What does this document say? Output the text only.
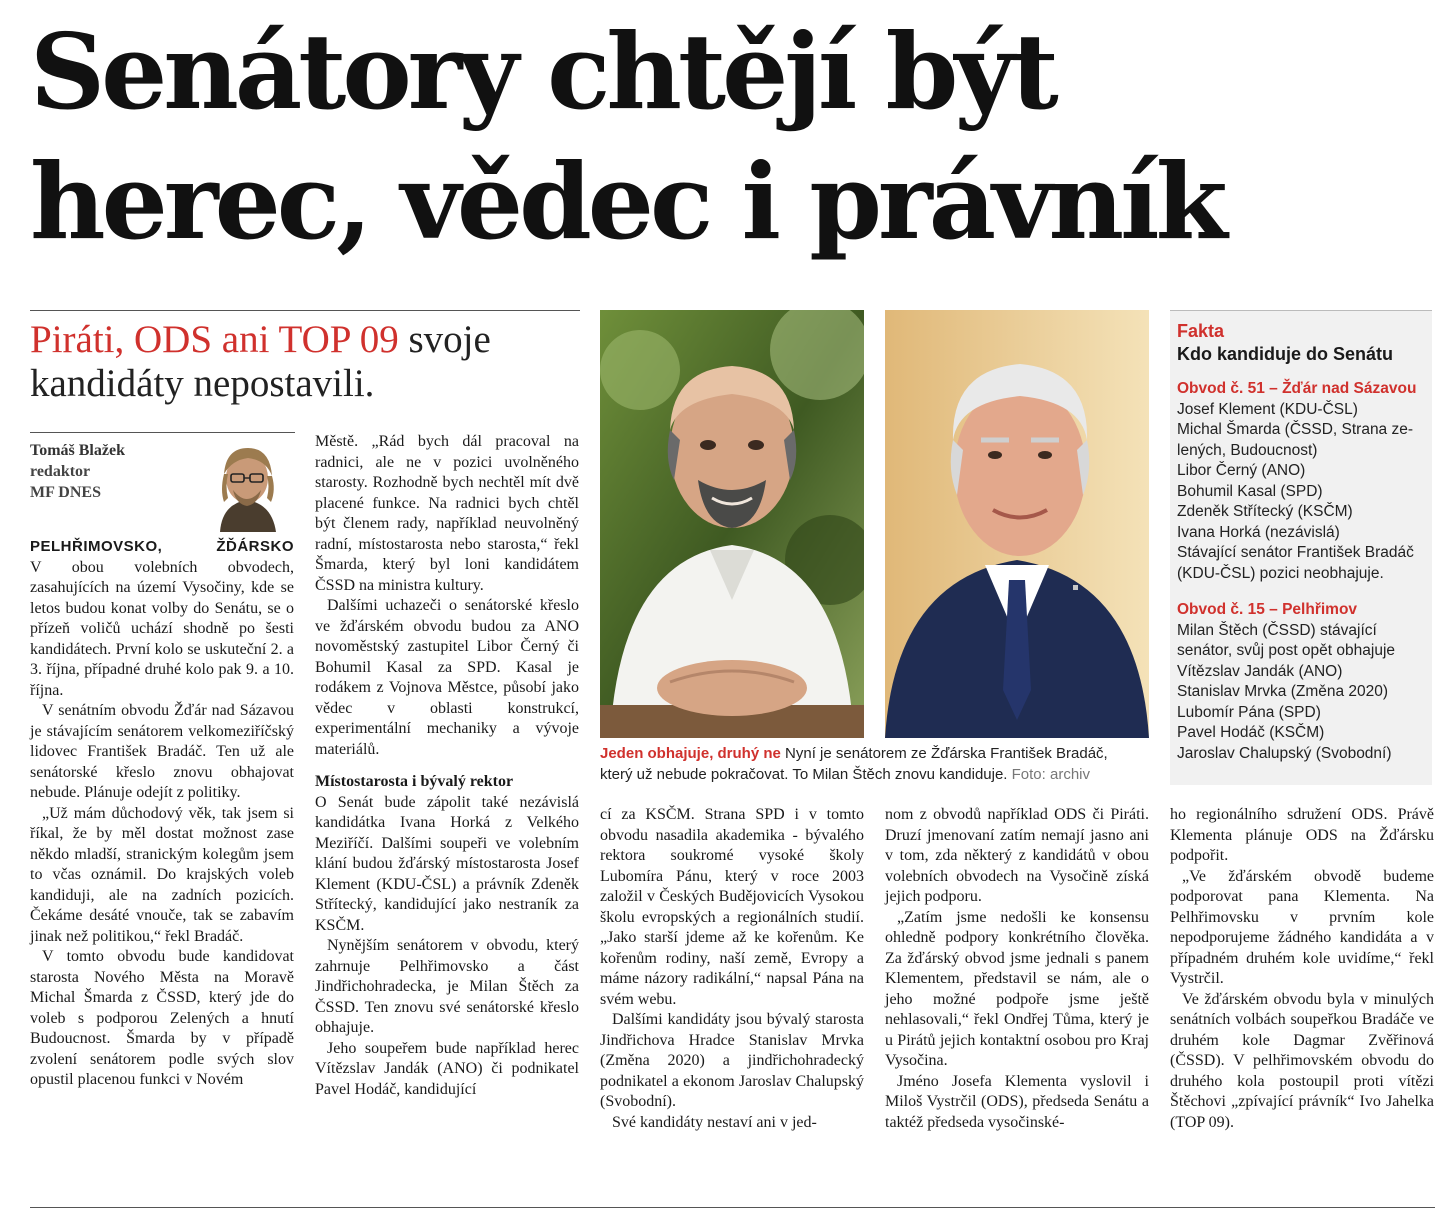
Senátory chtějí být
herec, vědec i právník
Piráti, ODS ani TOP 09 svoje
kandidáty nepostavili.
Tomáš Blažek
redaktor
MF DNES

PELHŘIMOVSKO, ŽĎÁRSKO

V obou volebních obvodech, zasahujících na území Vysočiny, kde se letos budou konat volby do Senátu, se o přízeň voličů uchází shodně po šesti kandidátech. První kolo se uskuteční 2. a 3. října, případné druhé kolo pak 9. a 10. října.

V senátním obvodu Žďár nad Sázavou je stávajícím senátorem velkomeziříčský lidovec František Bradáč. Ten už ale senátorské křeslo znovu obhajovat nebude. Plánuje odejít z politiky.

„Už mám důchodový věk, tak jsem si říkal, že by měl dostat možnost zase někdo mladší, stranickým kolegům jsem to včas oznámil. Do krajských voleb kandiduji, ale na zadních pozicích. Čekáme desáté vnouče, tak se zabavím jinak než politikou,“ řekl Bradáč.

V tomto obvodu bude kandidovat starosta Nového Města na Moravě Michal Šmarda z ČSSD, který jde do voleb s podporou Zelených a hnutí Budoucnost. Šmarda by v případě zvolení senátorem podle svých slov opustil placenou funkci v Novém

Městě. „Rád bych dál pracoval na radnici, ale ne v pozici uvolněného starosty. Rozhodně bych nechtěl mít dvě placené funkce. Na radnici bych chtěl být členem rady, například neuvolněný radní, místostarosta nebo starosta,“ řekl Šmarda, který byl loni kandidátem ČSSD na ministra kultury.

Dalšími uchazeči o senátorské křeslo ve žďárském obvodu budou za ANO novoměstský zastupitel Libor Černý či Bohumil Kasal za SPD. Kasal je rodákem z Vojnova Městce, působí jako vědec v oblasti konstrukcí, experimentální mechaniky a vývoje materiálů.

Místostarosta i bývalý rektor

O Senát bude zápolit také nezávislá kandidátka Ivana Horká z Velkého Meziříčí. Dalšími soupeři ve volebním klání budou žďárský místostarosta Josef Klement (KDU-ČSL) a právník Zdeněk Střítecký, kandidující jako nestraník za KSČM.

Nynějším senátorem v obvodu, který zahrnuje Pelhřimovsko a část Jindřichohradecka, je Milan Štěch za ČSSD. Ten znovu své senátorské křeslo obhajuje.

Jeho soupeřem bude například herec Vítězslav Jandák (ANO) či podnikatel Pavel Hodáč, kandidující

Jeden obhajuje, druhý ne Nyní je senátorem ze Žďárska František Bradáč,
který už nebude pokračovat. To Milan Štěch znovu kandiduje. Foto: archiv

cí za KSČM. Strana SPD i v tomto obvodu nasadila akademika - bývalého rektora soukromé vysoké školy Lubomíra Pánu, který v roce 2003 založil v Českých Budějovicích Vysokou školu evropských a regionálních studií. „Jako starší jdeme až ke kořenům. Ke kořenům rodiny, naší země, Evropy a máme názory radikální,“ napsal Pána na svém webu.

Dalšími kandidáty jsou bývalý starosta Jindřichova Hradce Stanislav Mrvka (Změna 2020) a jindřichohradecký podnikatel a ekonom Jaroslav Chalupský (Svobodní).

Své kandidáty nestaví ani v jed-

nom z obvodů například ODS či Piráti. Druzí jmenovaní zatím nemají jasno ani v tom, zda některý z kandidátů v obou volebních obvodech na Vysočině získá jejich podporu.

„Zatím jsme nedošli ke konsensu ohledně podpory konkrétního člověka. Za žďárský obvod jsme jednali s panem Klementem, představil se nám, ale o jeho možné podpoře jsme ještě nehlasovali,“ řekl Ondřej Tůma, který je u Pirátů jejich kontaktní osobou pro Kraj Vysočina.

Jméno Josefa Klementa vyslovil i Miloš Vystrčil (ODS), předseda Senátu a taktéž předseda vysočinské-

ho regionálního sdružení ODS. Právě Klementa plánuje ODS na Žďársku podpořit.

„Ve žďárském obvodě budeme podporovat pana Klementa. Na Pelhřimovsku v prvním kole nepodporujeme žádného kandidáta a v případném druhém kole uvidíme,“ řekl Vystrčil.

Ve žďárském obvodu byla v minulých senátních volbách soupeřkou Bradáče ve druhém kole Dagmar Zvěřinová (ČSSD). V pelhřimovském obvodu do druhého kola postoupil proti vítězi Štěchovi „zpívající právník“ Ivo Jahelka (TOP 09).

Fakta
Kdo kandiduje do Senátu
Obvod č. 51 – Žďár nad Sázavou
Josef Klement (KDU-ČSL)
Michal Šmarda (ČSSD, Strana ze-
lených, Budoucnost)
Libor Černý (ANO)
Bohumil Kasal (SPD)
Zdeněk Střítecký (KSČM)
Ivana Horká (nezávislá)
Stávající senátor František Bradáč
(KDU-ČSL) pozici neobhajuje.
Obvod č. 15 – Pelhřimov
Milan Štěch (ČSSD) stávající senátor, svůj post opět obhajuje
Vítězslav Jandák (ANO)
Stanislav Mrvka (Změna 2020)
Lubomír Pána (SPD)
Pavel Hodáč (KSČM)
Jaroslav Chalupský (Svobodní)
